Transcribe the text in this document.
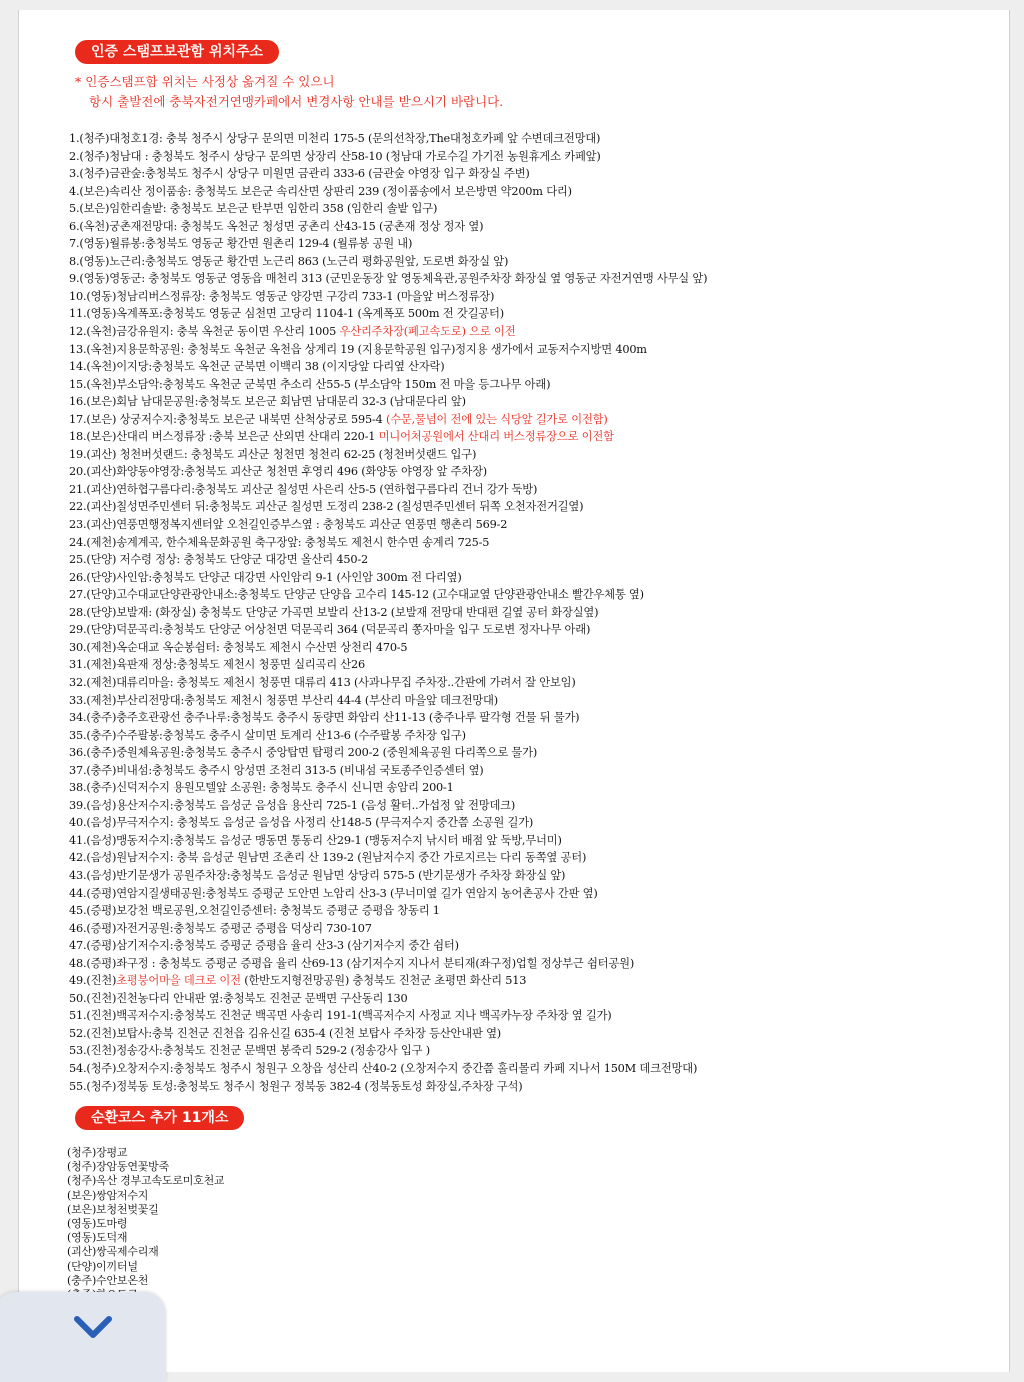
인증 스탬프보관함 위치주소
* 인증스탬프함 위치는 사정상 옮겨질 수 있으니
항시 출발전에 충북자전거연맹카페에서 변경사항 안내를 받으시기 바랍니다.
1.(청주)대청호1경: 충북 청주시 상당구 문의면 미천리 175-5 (문의선착장,The대청호카페 앞 수변데크전망대)
2.(청주)청남대 : 충청북도 청주시 상당구 문의면 상장리 산58-10 (청남대 가로수길 가기전 농원휴게소 카페앞)
3.(청주)금관숲:충청북도 청주시 상당구 미원면 금관리 333-6 (금관숲 야영장 입구 화장실 주변)
4.(보은)속리산 정이품송: 충청북도 보은군 속리산면 상판리 239 (정이품송에서 보은방면 약200m 다리)
5.(보은)임한리솔밭: 충청북도 보은군 탄부면 임한리 358 (임한리 솔밭 입구)
6.(옥천)궁촌재전망대: 충청북도 옥천군 청성면 궁촌리 산43-15 (궁촌재 정상 정자 옆)
7.(영동)월류봉:충청북도 영동군 황간면 원촌리 129-4 (월류봉 공원 내)
8.(영동)노근리:충청북도 영동군 황간면 노근리 863 (노근리 평화공원앞, 도로변 화장실 앞)
9.(영동)영동군: 충청북도 영동군 영동읍 매천리 313 (군민운동장 앞 영동체육관,공원주차장 화장실 옆 영동군 자전거연맹 사무실 앞)
10.(영동)청남리버스정류장: 충청북도 영동군 양강면 구강리 733-1 (마을앞 버스정류장)
11.(영동)옥계폭포:충청북도 영동군 심천면 고당리 1104-1 (옥계폭포 500m 전 갓길공터)
12.(옥천)금강유원지: 충북 옥천군 동이면 우산리 1005 우산리주차장(폐고속도로) 으로 이전
13.(옥천)지용문학공원: 충청북도 옥천군 옥천읍 상계리 19 (지용문학공원 입구)정지용 생가에서 교동저수지방면 400m
14.(옥천)이지당:충청북도 옥천군 군북면 이백리 38 (이지당앞 다리옆 산자락)
15.(옥천)부소담악:충청북도 옥천군 군북면 추소리 산55-5 (부소담악 150m 전 마을 등그나무 아래)
16.(보은)회남 남대문공원:충청북도 보은군 회남면 남대문리 32-3 (남대문다리 앞)
17.(보은) 상궁저수지:충청북도 보은군 내북면 산척상궁로 595-4 (수문,물넘이 전에 있는 식당앞 길가로 이전함)
18.(보은)산대리 버스정류장 :충북 보은군 산외면 산대리 220-1 미니어처공원에서 산대리 버스정류장으로 이전함
19.(괴산) 청천버섯랜드: 충청북도 괴산군 청천면 청천리 62-25 (청천버섯랜드 입구)
20.(괴산)화양동야영장:충청북도 괴산군 청천면 후영리 496 (화양동 야영장 앞 주차장)
21.(괴산)연하협구름다리:충청북도 괴산군 칠성면 사은리 산5-5 (연하협구름다리 건너 강가 둑방)
22.(괴산)칠성면주민센터 뒤:충청북도 괴산군 칠성면 도정리 238-2 (칠성면주민센터 뒤쪽 오천자전거길옆)
23.(괴산)연풍면행정복지센터앞 오천길인증부스옆 : 충청북도 괴산군 연풍면 행촌리 569-2
24.(제천)송계계곡, 한수체육문화공원 축구장앞: 충청북도 제천시 한수면 송계리 725-5
25.(단양) 저수령 정상: 충청북도 단양군 대강면 올산리 450-2
26.(단양)사인암:충청북도 단양군 대강면 사인암리 9-1 (사인암 300m 전 다리옆)
27.(단양)고수대교단양관광안내소:충청북도 단양군 단양읍 고수리 145-12 (고수대교옆 단양관광안내소 빨간우체통 옆)
28.(단양)보발재: (화장실) 충청북도 단양군 가곡면 보발리 산13-2 (보발재 전망대 반대편 길옆 공터 화장실옆)
29.(단양)덕문곡리:충청북도 단양군 어상천면 덕문곡리 364 (덕문곡리 쫑자마을 입구 도로변 정자나무 아래)
30.(제천)옥순대교 옥순봉쉼터: 충청북도 제천시 수산면 상천리 470-5
31.(제천)육판재 정상:충청북도 제천시 청풍면 실리곡리 산26
32.(제천)대류리마을: 충청북도 제천시 청풍면 대류리 413 (사과나무집 주차장..간판에 가려서 잘 안보임)
33.(제천)부산리전망대:충청북도 제천시 청풍면 부산리 44-4 (부산리 마을앞 데크전망대)
34.(충주)충주호관광선 충주나루:충청북도 충주시 동량면 화암리 산11-13 (충주나루 팔각형 건물 뒤 물가)
35.(충주)수주팔봉:충청북도 충주시 살미면 토계리 산13-6 (수주팔봉 주차장 입구)
36.(충주)중원체육공원:충청북도 충주시 중앙탑면 탑평리 200-2 (중원체육공원 다리쪽으로 물가)
37.(충주)비내섬:충청북도 충주시 앙성면 조천리 313-5 (비내섬 국토종주인증센터 옆)
38.(충주)신덕저수지 용원모텔앞 소공원: 충청북도 충주시 신니면 송암리 200-1
39.(음성)용산저수지:충청북도 음성군 음성읍 용산리 725-1 (음성 활터..가섭정 앞 전망데크)
40.(음성)무극저수지: 충청북도 음성군 음성읍 사정리 산148-5 (무극저수지 중간쯤 소공원 길가)
41.(음성)맹동저수지:충청북도 음성군 맹동면 통동리 산29-1 (맹동저수지 낚시터 배점 앞 둑방,무너미)
42.(음성)원남저수지: 충북 음성군 원남면 조촌리 산 139-2 (원남저수지 중간 가로지르는 다리 동쪽옆 공터)
43.(음성)반기문생가 공원주차장:충청북도 음성군 원남면 상당리 575-5 (반기문생가 주차장 화장실 앞)
44.(증평)연암지질생태공원:충청북도 증평군 도안면 노암리 산3-3 (무너미옆 길가 연암지 농어촌공사 간판 옆)
45.(증평)보강천 백로공원,오천길인증센터: 충청북도 증평군 증평읍 창동리 1
46.(증평)자전거공원:충청북도 증평군 증평읍 덕상리 730-107
47.(증평)삼기저수지:충청북도 증평군 증평읍 율리 산3-3 (삼기저수지 중간 쉼터)
48.(증평)좌구정 : 충청북도 증평군 증평읍 율리 산69-13 (삼기저수지 지나서 분티재(좌구정)업힐 정상부근 쉼터공원)
49.(진천)초평붕어마을 데크로 이전 (한반도지형전망공원) 충청북도 진천군 초평면 화산리 513
50.(진천)진천농다리 안내판 옆:충청북도 진천군 문백면 구산동리 130
51.(진천)백곡저수지:충청북도 진천군 백곡면 사송리 191-1(백곡저수지 사정교 지나 백곡카누장 주차장 옆 길가)
52.(진천)보탑사:충북 진천군 진천읍 김유신길 635-4 (진천 보탑사 주차장 등산안내판 옆)
53.(진천)정송강사:충청북도 진천군 문백면 봉죽리 529-2 (정송강사 입구 )
54.(청주)오창저수지:충청북도 청주시 청원구 오창읍 성산리 산40-2 (오창저수지 중간쯤 홀리몰리 카페 지나서 150M 데크전망대)
55.(청주)정북동 토성:충청북도 청주시 청원구 정북동 382-4 (정북동토성 화장실,주차장 구석)
순환코스 추가 11개소
(청주)장평교
(청주)장암동연꽃방죽
(청주)옥산 경부고속도로미호천교
(보은)쌍암저수지
(보은)보청천벚꽃길
(영동)도마령
(영동)도덕재
(괴산)쌍곡제수리재
(단양)이끼터널
(충주)수안보온천
